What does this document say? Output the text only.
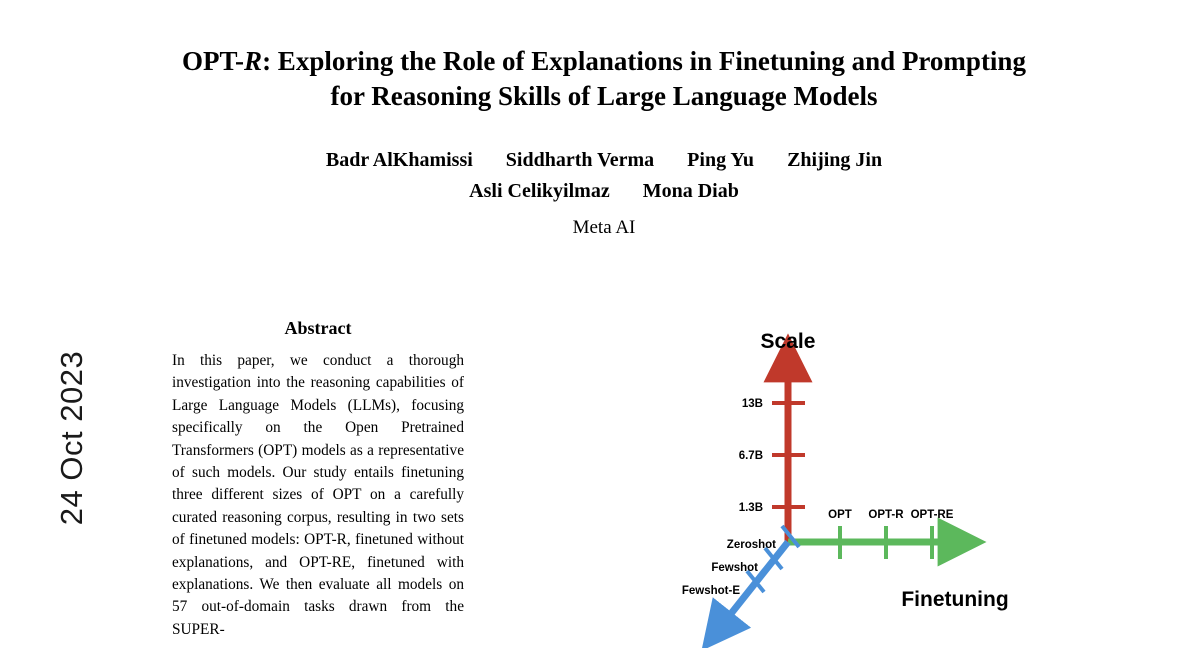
24 Oct 2023
OPT-R: Exploring the Role of Explanations in Finetuning and Prompting
for Reasoning Skills of Large Language Models
Badr AlKhamissi Siddharth Verma Ping Yu Zhijing Jin
Asli Celikyilmaz Mona Diab
Meta AI
Abstract
In this paper, we conduct a thorough investigation into the reasoning capabilities of Large Language Models (LLMs), focusing specifically on the Open Pretrained Transformers (OPT) models as a representative of such models. Our study entails finetuning three different sizes of OPT on a carefully curated reasoning corpus, resulting in two sets of finetuned models: OPT-R, finetuned without explanations, and OPT-RE, finetuned with explanations. We then evaluate all models on 57 out-of-domain tasks drawn from the SUPER-
Scale
Finetuning
13B
6.7B
1.3B
OPT OPT-R OPT-RE
Zeroshot
Fewshot
Fewshot-E
